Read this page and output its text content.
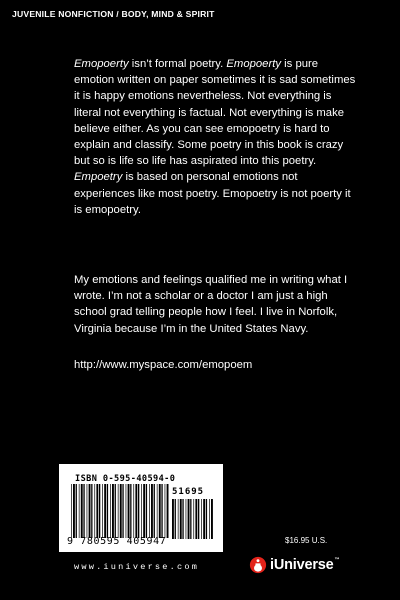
JUVENILE NONFICTION / BODY, MIND & SPIRIT
Emopoerty isn’t formal poetry. Emopoerty is pure emotion written on paper sometimes it is sad sometimes it is happy emotions nevertheless. Not everything is literal not everything is factual. Not everything is make believe either. As you can see emopoetry is hard to explain and classify. Some poetry in this book is crazy but so is life so life has aspirated into this poetry. Empoetry is based on personal emotions not experiences like most poetry. Emopoetry is not poerty it is emopoetry.
My emotions and feelings qualified me in writing what I wrote. I’m not a scholar or a doctor I am just a high school grad telling people how I feel. I live in Norfolk, Virginia because I’m in the United States Navy.
http://www.myspace.com/emopoem
ISBN 0-595-40594-0
51695
9 780595 405947
www.iuniverse.com
$16.95 U.S.
iUniverse™
